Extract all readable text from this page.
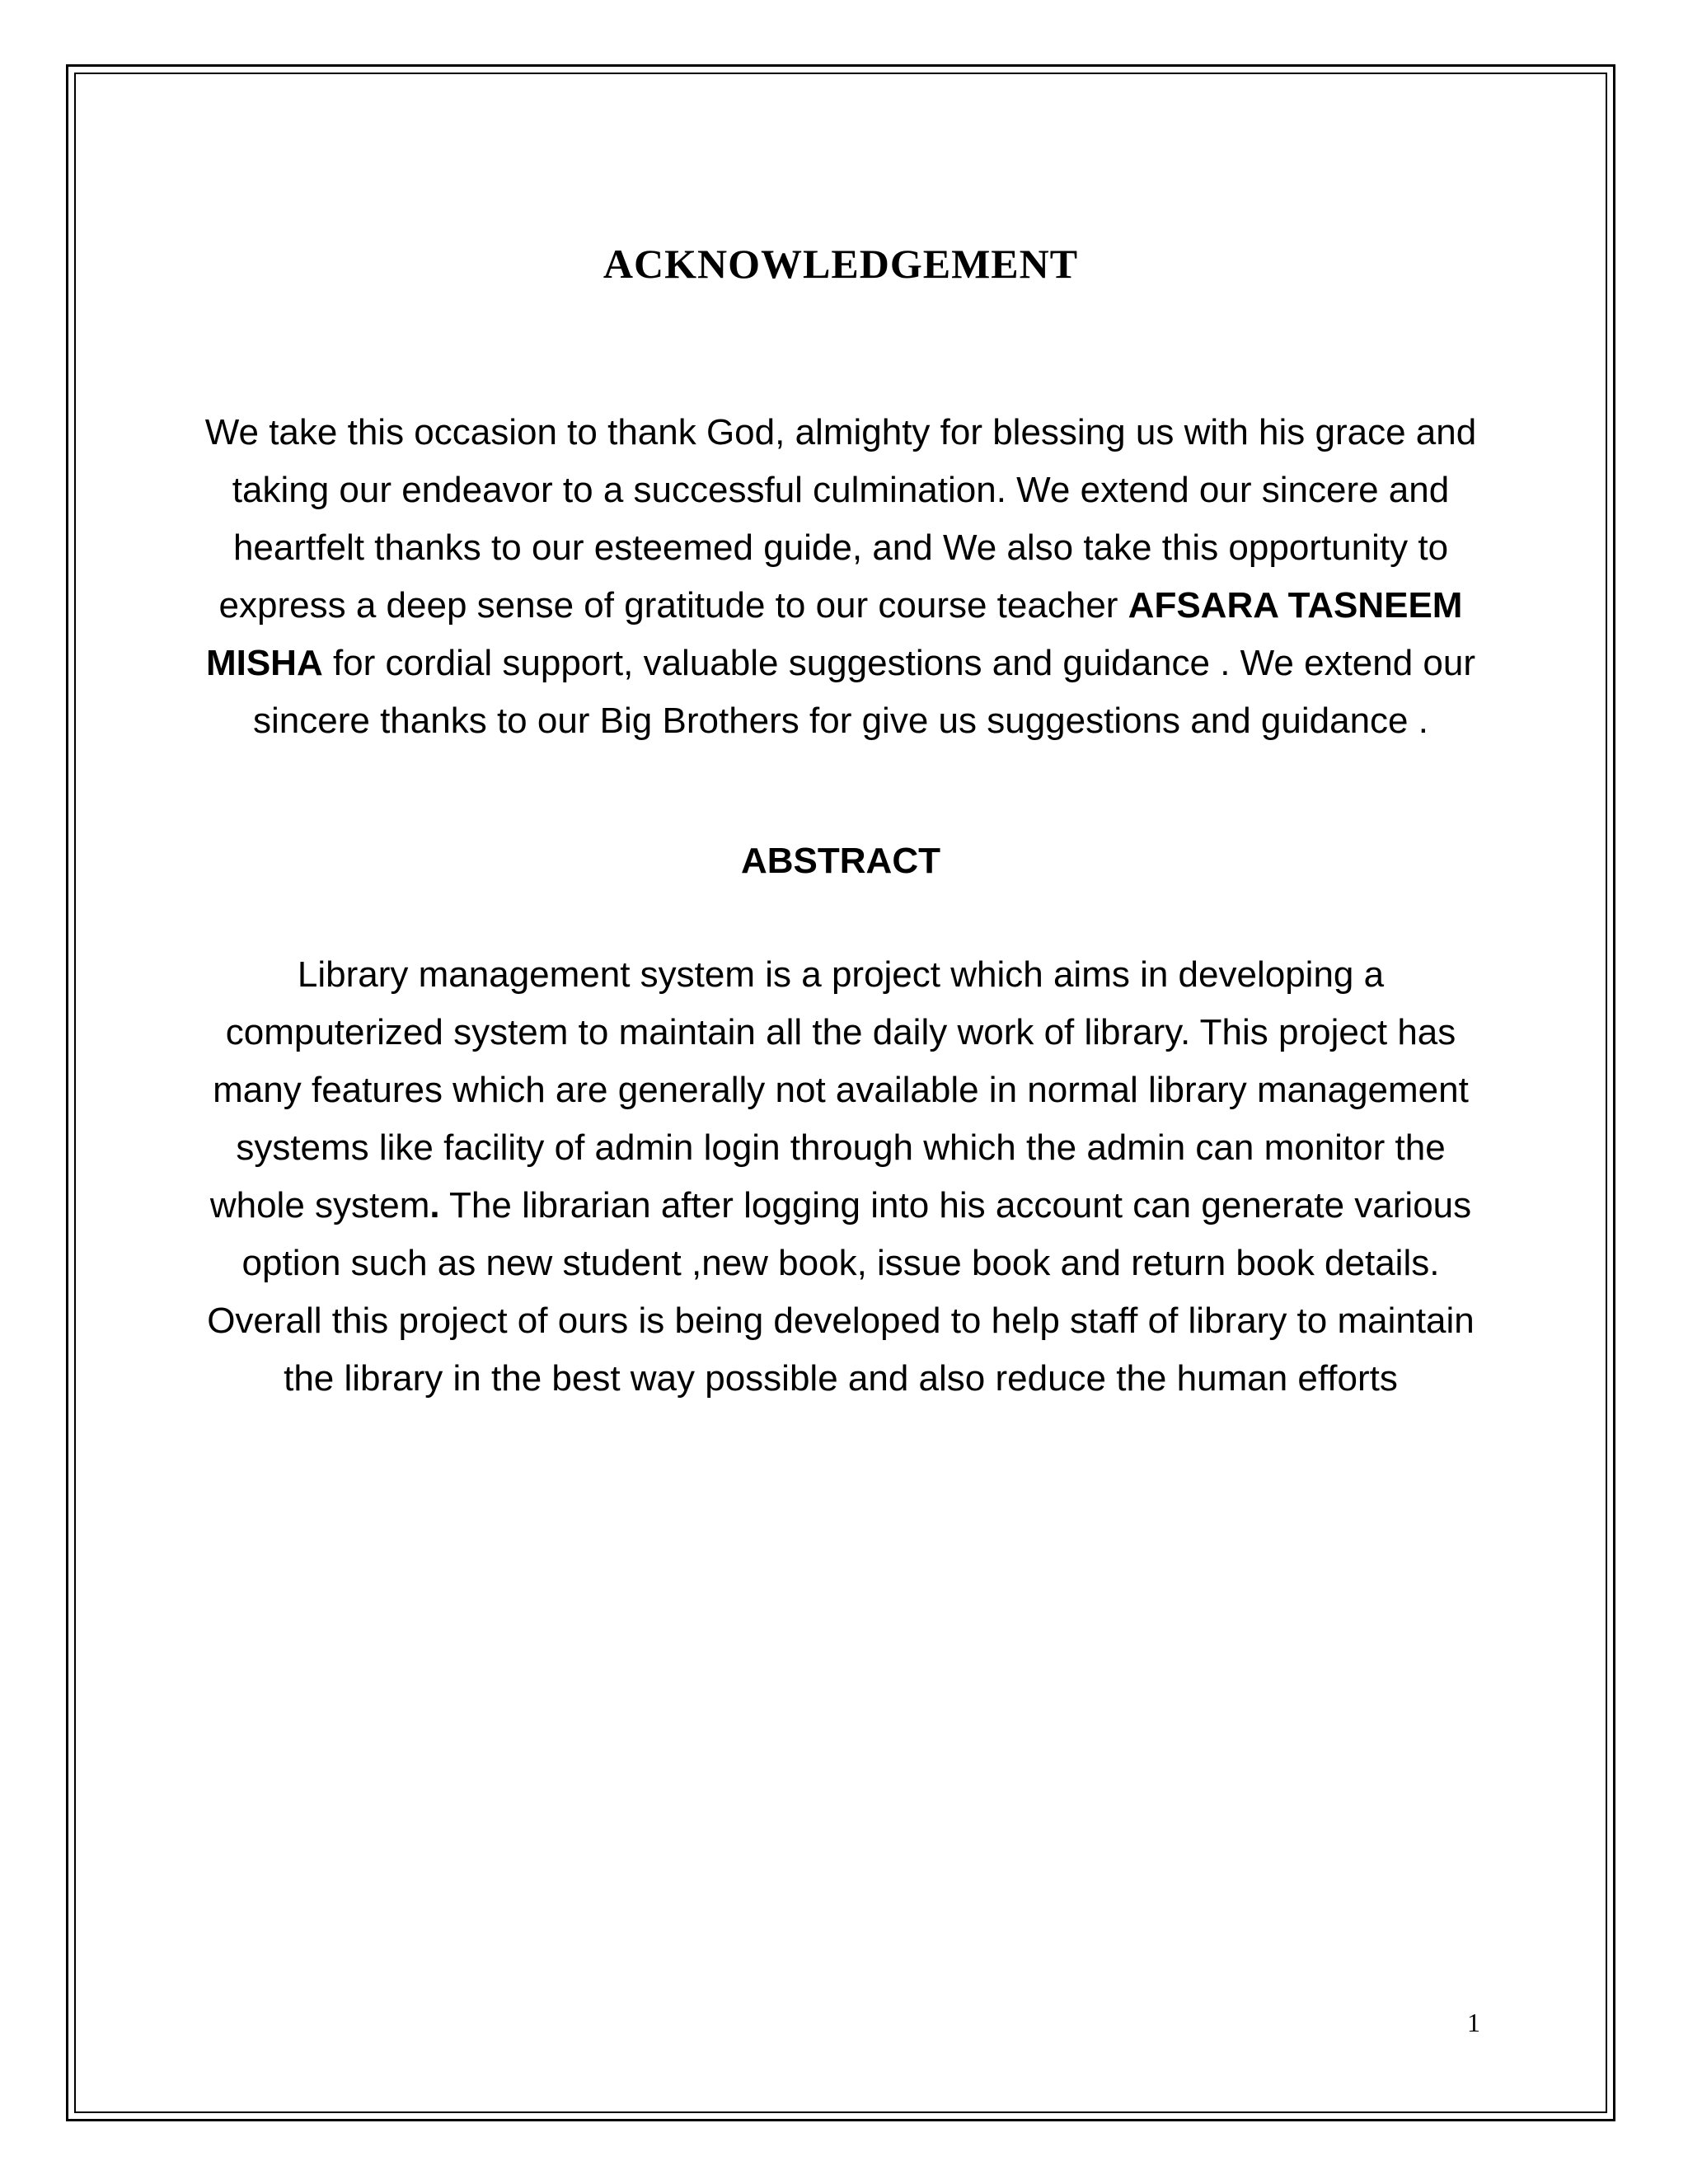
ACKNOWLEDGEMENT

We take this occasion to thank God, almighty for blessing us with his grace and taking our endeavor to a successful culmination. We extend our sincere and heartfelt thanks to our esteemed guide, and We also take this opportunity to express a deep sense of gratitude to our course teacher AFSARA TASNEEM MISHA for cordial support, valuable suggestions and guidance . We extend our sincere thanks to our Big Brothers for give us suggestions and guidance .

ABSTRACT

Library management system is a project which aims in developing a computerized system to maintain all the daily work of library. This project has many features which are generally not available in normal library management systems like facility of admin login through which the admin can monitor the whole system. The librarian after logging into his account can generate various option such as new student ,new book, issue book and return book details.

Overall this project of ours is being developed to help staff of library to maintain the library in the best way possible and also reduce the human efforts

1
